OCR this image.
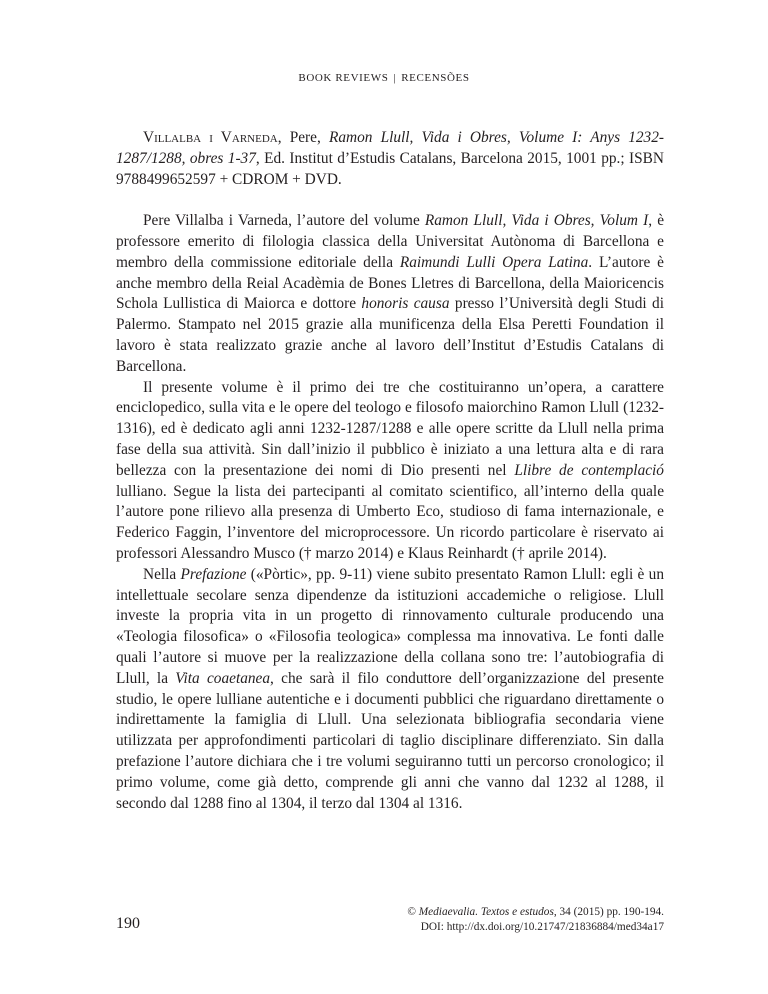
BOOK REVIEWS | RECENSÕES

Villalba i Varneda, Pere, Ramon Llull, Vida i Obres, Volume I: Anys 1232-1287/1288, obres 1-37, Ed. Institut d’Estudis Catalans, Barcelona 2015, 1001 pp.; ISBN 9788499652597 + CDROM + DVD.

Pere Villalba i Varneda, l’autore del volume Ramon Llull, Vida i Obres, Volum I, è professore emerito di filologia classica della Universitat Autònoma di Barcellona e membro della commissione editoriale della Raimundi Lulli Opera Latina. L’autore è anche membro della Reial Acadèmia de Bones Lletres di Barcellona, della Maioricencis Schola Lullistica di Maiorca e dottore honoris causa presso l’Università degli Studi di Palermo. Stampato nel 2015 grazie alla munificenza della Elsa Peretti Foundation il lavoro è stata realizzato grazie anche al lavoro dell’Institut d’Estudis Catalans di Barcellona.

Il presente volume è il primo dei tre che costituiranno un’opera, a carattere enciclopedico, sulla vita e le opere del teologo e filosofo maiorchino Ramon Llull (1232-1316), ed è dedicato agli anni 1232-1287/1288 e alle opere scritte da Llull nella prima fase della sua attività. Sin dall’inizio il pubblico è iniziato a una lettura alta e di rara bellezza con la presentazione dei nomi di Dio presenti nel Llibre de contemplació lulliano. Segue la lista dei partecipanti al comitato scientifico, all’interno della quale l’autore pone rilievo alla presenza di Umberto Eco, studioso di fama internazionale, e Federico Faggin, l’inventore del microprocessore. Un ricordo particolare è riservato ai professori Alessandro Musco († marzo 2014) e Klaus Reinhardt († aprile 2014).

Nella Prefazione («Pòrtic», pp. 9-11) viene subito presentato Ramon Llull: egli è un intellettuale secolare senza dipendenze da istituzioni accademiche o religiose. Llull investe la propria vita in un progetto di rinnovamento culturale producendo una «Teologia filosofica» o «Filosofia teologica» complessa ma innovativa. Le fonti dalle quali l’autore si muove per la realizzazione della collana sono tre: l’autobiografia di Llull, la Vita coaetanea, che sarà il filo conduttore dell’organizzazione del presente studio, le opere lulliane autentiche e i documenti pubblici che riguardano direttamente o indirettamente la famiglia di Llull. Una selezionata bibliografia secondaria viene utilizzata per approfondimenti particolari di taglio disciplinare differenziato. Sin dalla prefazione l’autore dichiara che i tre volumi seguiranno tutti un percorso cronologico; il primo volume, come già detto, comprende gli anni che vanno dal 1232 al 1288, il secondo dal 1288 fino al 1304, il terzo dal 1304 al 1316.

190
© Mediaevalia. Textos e estudos, 34 (2015) pp. 190-194.
DOI: http://dx.doi.org/10.21747/21836884/med34a17
